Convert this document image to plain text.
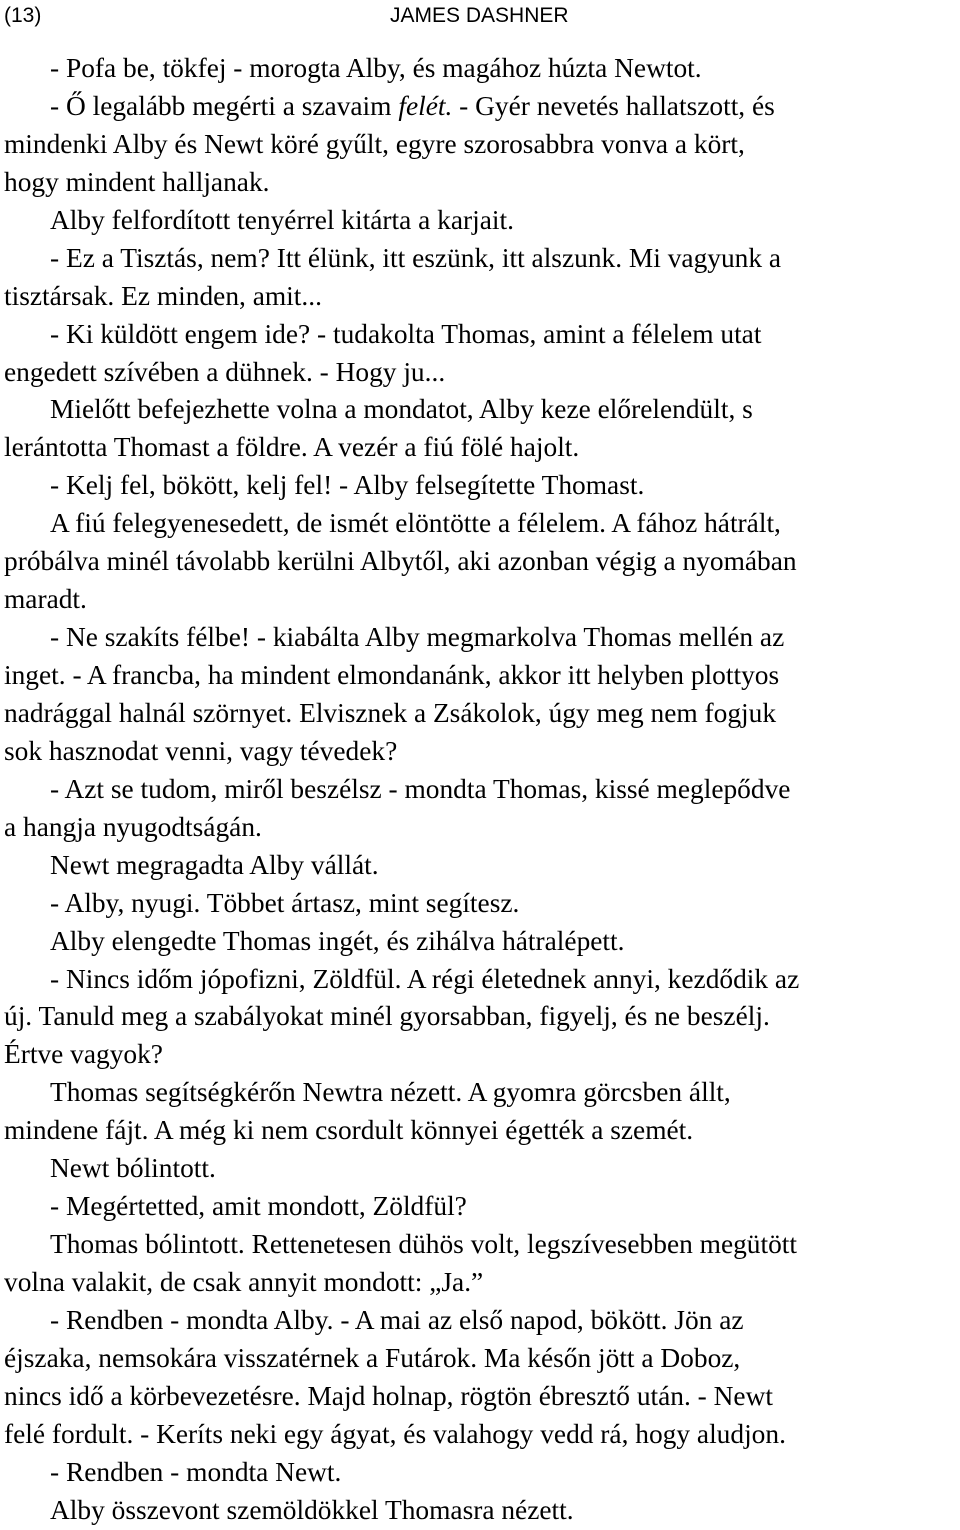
(13)	JAMES DASHNER
- Pofa be, tökfej - morogta Alby, és magához húzta Newtot.
- Ő legalább megérti a szavaim felét. - Gyér nevetés hallatszott, és
mindenki Alby és Newt köré gyűlt, egyre szorosabbra vonva a kört,
hogy mindent halljanak.
Alby felfordított tenyérrel kitárta a karjait.
- Ez a Tisztás, nem? Itt élünk, itt eszünk, itt alszunk. Mi vagyunk a
tisztársak. Ez minden, amit...
- Ki küldött engem ide? - tudakolta Thomas, amint a félelem utat
engedett szívében a dühnek. - Hogy ju...
Mielőtt befejezhette volna a mondatot, Alby keze előrelendült, s
lerántotta Thomast a földre. A vezér a fiú fölé hajolt.
- Kelj fel, bökött, kelj fel! - Alby felsegítette Thomast.
A fiú felegyenesedett, de ismét elöntötte a félelem. A fához hátrált,
próbálva minél távolabb kerülni Albytől, aki azonban végig a nyomában
maradt.
- Ne szakíts félbe! - kiabálta Alby megmarkolva Thomas mellén az
inget. - A francba, ha mindent elmondanánk, akkor itt helyben plottyos
nadrággal halnál szörnyet. Elvisznek a Zsákolok, úgy meg nem fogjuk
sok hasznodat venni, vagy tévedek?
- Azt se tudom, miről beszélsz - mondta Thomas, kissé meglepődve
a hangja nyugodtságán.
Newt megragadta Alby vállát.
- Alby, nyugi. Többet ártasz, mint segítesz.
Alby elengedte Thomas ingét, és zihálva hátralépett.
- Nincs időm jópofizni, Zöldfül. A régi életednek annyi, kezdődik az
új. Tanuld meg a szabályokat minél gyorsabban, figyelj, és ne beszélj.
Értve vagyok?
Thomas segítségkérőn Newtra nézett. A gyomra görcsben állt,
mindene fájt. A még ki nem csordult könnyei égették a szemét.
Newt bólintott.
- Megértetted, amit mondott, Zöldfül?
Thomas bólintott. Rettenetesen dühös volt, legszívesebben megütött
volna valakit, de csak annyit mondott: „Ja.”
- Rendben - mondta Alby. - A mai az első napod, bökött. Jön az
éjszaka, nemsokára visszatérnek a Futárok. Ma későn jött a Doboz,
nincs idő a körbevezetésre. Majd holnap, rögtön ébresztő után. - Newt
felé fordult. - Keríts neki egy ágyat, és valahogy vedd rá, hogy aludjon.
- Rendben - mondta Newt.
Alby összevont szemöldökkel Thomasra nézett.
